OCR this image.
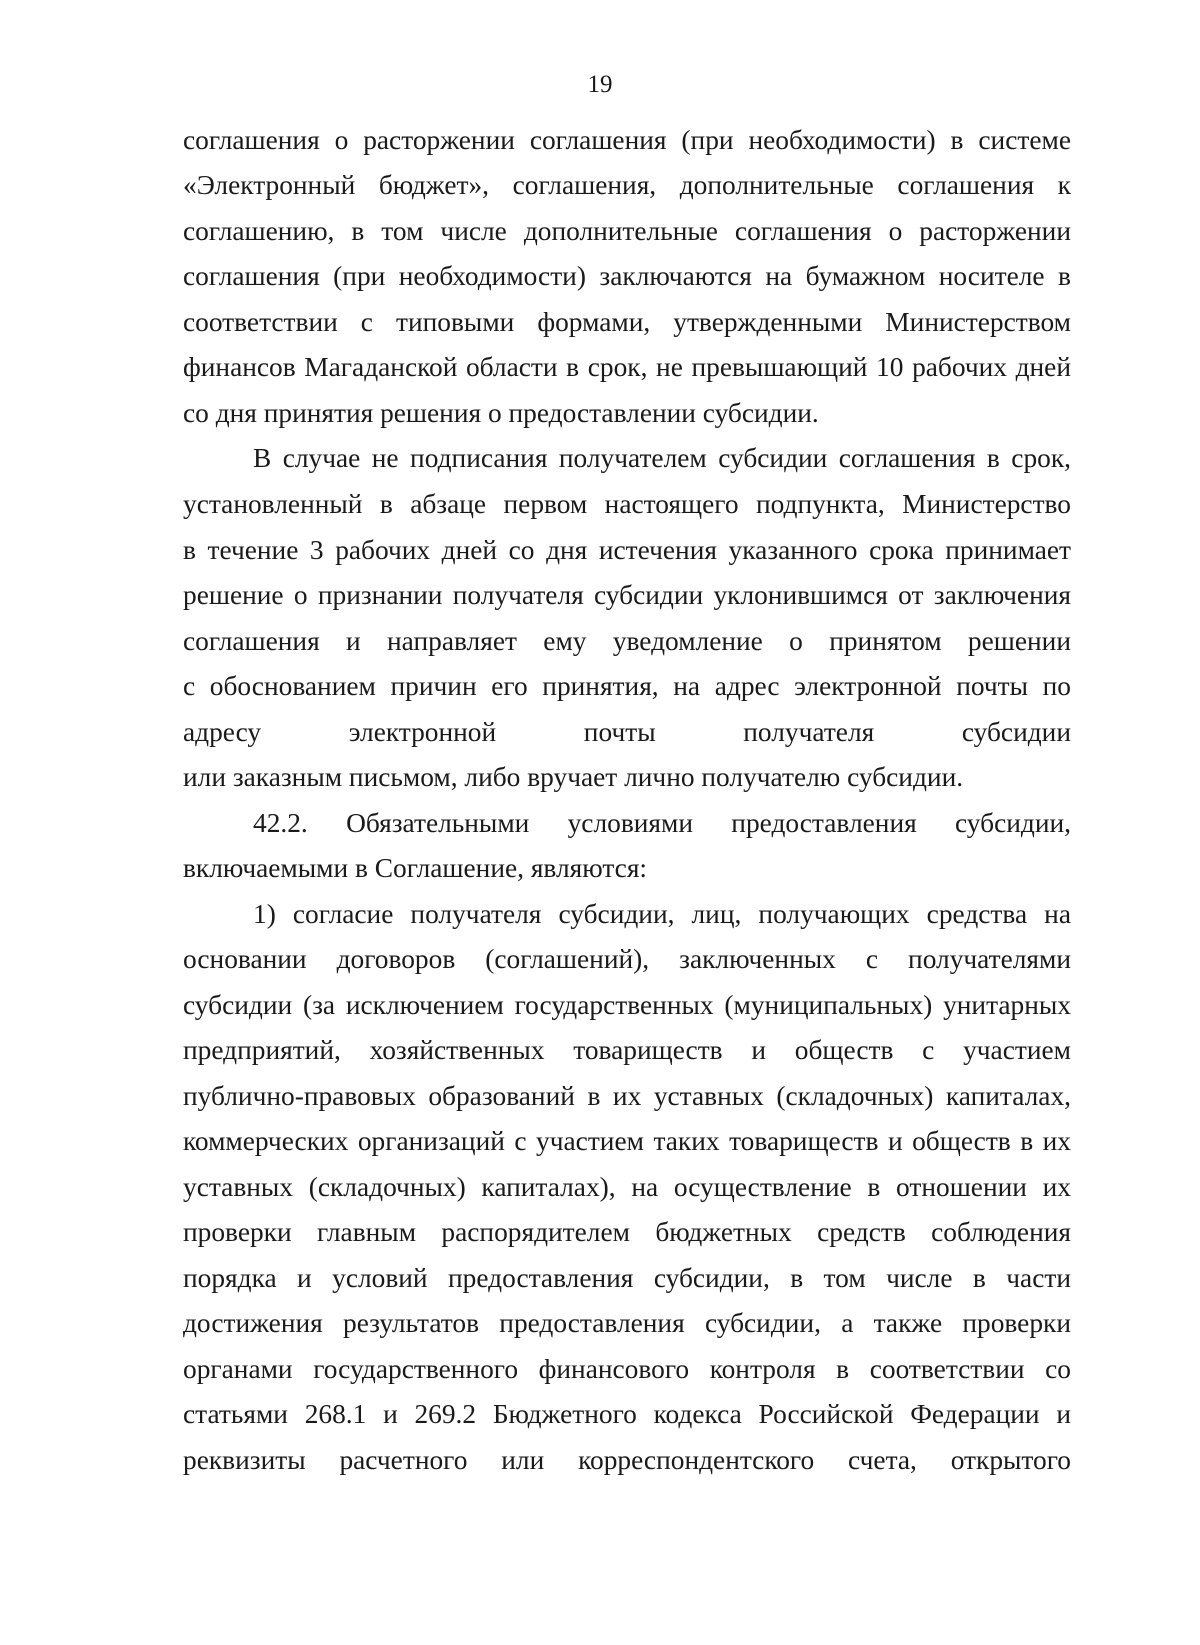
19
соглашения о расторжении соглашения (при необходимости) в системе
«Электронный бюджет», соглашения, дополнительные соглашения к
соглашению, в том числе дополнительные соглашения о расторжении
соглашения (при необходимости) заключаются на бумажном носителе в
соответствии с типовыми формами, утвержденными Министерством
финансов Магаданской области в срок, не превышающий 10 рабочих дней
со дня принятия решения о предоставлении субсидии.
В случае не подписания получателем субсидии соглашения в срок,
установленный в абзаце первом настоящего подпункта, Министерство
в течение 3 рабочих дней со дня истечения указанного срока принимает
решение о признании получателя субсидии уклонившимся от заключения
соглашения и направляет ему уведомление о принятом решении
с обоснованием причин его принятия, на адрес электронной почты по
адресу электронной почты получателя субсидии
или заказным письмом, либо вручает лично получателю субсидии.
42.2. Обязательными условиями предоставления субсидии,
включаемыми в Соглашение, являются:
1) согласие получателя субсидии, лиц, получающих средства на
основании договоров (соглашений), заключенных с получателями
субсидии (за исключением государственных (муниципальных) унитарных
предприятий, хозяйственных товариществ и обществ с участием
публично-правовых образований в их уставных (складочных) капиталах,
коммерческих организаций с участием таких товариществ и обществ в их
уставных (складочных) капиталах), на осуществление в отношении их
проверки главным распорядителем бюджетных средств соблюдения
порядка и условий предоставления субсидии, в том числе в части
достижения результатов предоставления субсидии, а также проверки
органами государственного финансового контроля в соответствии со
статьями 268.1 и 269.2 Бюджетного кодекса Российской Федерации и
реквизиты расчетного или корреспондентского счета, открытого
